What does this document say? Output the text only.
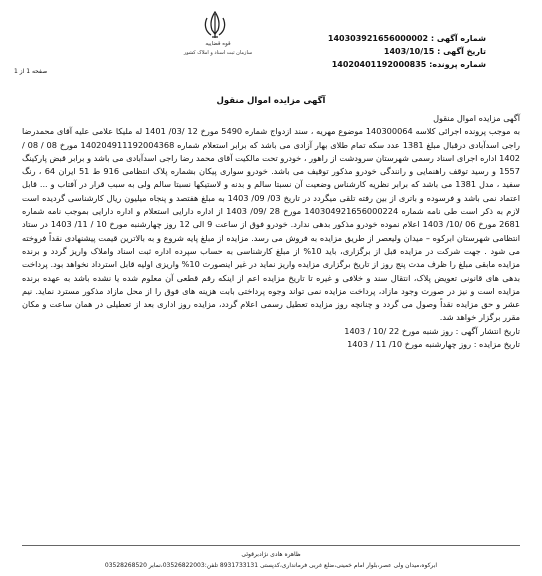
شماره آگهی : 140303921656000002
تاریخ آگهی : 1403/10/15
شماره پرونده: 14020401192000835
قوه قضاییه
سازمان ثبت اسناد و املاک کشور
صفحه 1 از 1
آگهی مزایده اموال منقول

آگهی مزایده اموال منقول

به موجب پرونده اجرائی کلاسه 140300064 موضوع مهریه ، سند ازدواج شماره 5490 مورخ 12 /03/ 1401 له ملیکا علامی علیه آقای محمدرضا راجی اسدآبادی درقبال مبلغ 1381 عدد سکه تمام طلای بهار آزادی می باشد که برابر استعلام شماره 140204911192004368 مورخ 08 / 08 / 1402 اداره اجرای اسناد رسمی شهرستان سرودشت از راهور ، خودرو تحت مالکیت آقای محمد رضا راجی اسدآبادی می باشد و برابر قبض پارکینگ 1557 و رسید توقف راهنمایی و رانندگی خودرو مذکور توقیف می باشد. خودرو سواری پیکان بشماره پلاک انتظامی 916 ط 51 ایران 64 ، رنگ سفید ، مدل 1381 می باشد که برابر نظریه کارشناس وضعیت آن نسبتا سالم و بدنه و لاستیکها نسبتا سالم ولی به سبب قرار در آفتاب و ... قابل اعتماد نمی باشد و فرسوده و باتری از بین رفته تلقی میگردد در تاریخ 03/ 09/ 1403 به مبلغ هفتصد و پنجاه میلیون ریال کارشناسی گردیده است لازم به ذکر است طی نامه شماره 140304921656000224 مورخ 28 /09/ 1403 از اداره دارایی استعلام و اداره دارایی بموجب نامه شماره 2681 مورخ 06 /10/ 1403 اعلام نموده خودرو مذکور بدهی ندارد. خودرو فوق از ساعت 9 الی 12 روز چهارشنبه مورخ 10 / 11/ 1403 در ستاد انتظامی شهرستان ابرکوه – میدان ولیعصر از طریق مزایده به فروش می رسد. مزایده از مبلغ پایه شروع و به بالاترین قیمت پیشنهادی نقداً فروخته می شود . جهت شرکت در مزایده قبل از برگزاری، باید 10% از مبلغ کارشناسی به حساب سپرده اداره ثبت اسناد واملاک واریز گردد و برنده مزایده مابقی مبلغ را ظرف مدت پنج روز از تاریخ برگزاری مزایده واریز نماید در غیر اینصورت 10% واریزی اولیه قابل استرداد نخواهد بود. پرداخت بدهی های قانونی تعویض پلاک، انتقال سند و خلافی و غیره تا تاریخ مزایده اعم از اینکه رقم قطعی آن معلوم شده یا نشده باشد به عهده برنده مزایده است و نیز در صورت وجود مازاد، پرداخت مزایده نمی تواند وجوه پرداختی بابت هزینه های فوق را از محل مازاد مذکور مسترد نماید. نیم عشر و حق مزایده نقداً وصول می گردد و چنانچه روز مزایده تعطیل رسمی اعلام گردد، مزایده روز اداری بعد از تعطیلی در همان ساعت و مکان مقرر برگزار خواهد شد.

تاریخ انتشار آگهی : روز شنبه مورخ 22 /10 / 1403

تاریخ مزایده : روز چهارشنبه مورخ 10/ 11 / 1403

ظاهره هادی نژادبرقوئی
ابرکوه،میدان ولی عصر،بلوار امام خمینی،ضلع غربی فرمانداری،کدپستی 8931733131 تلفن:03526822003،نمابر 03528268520
